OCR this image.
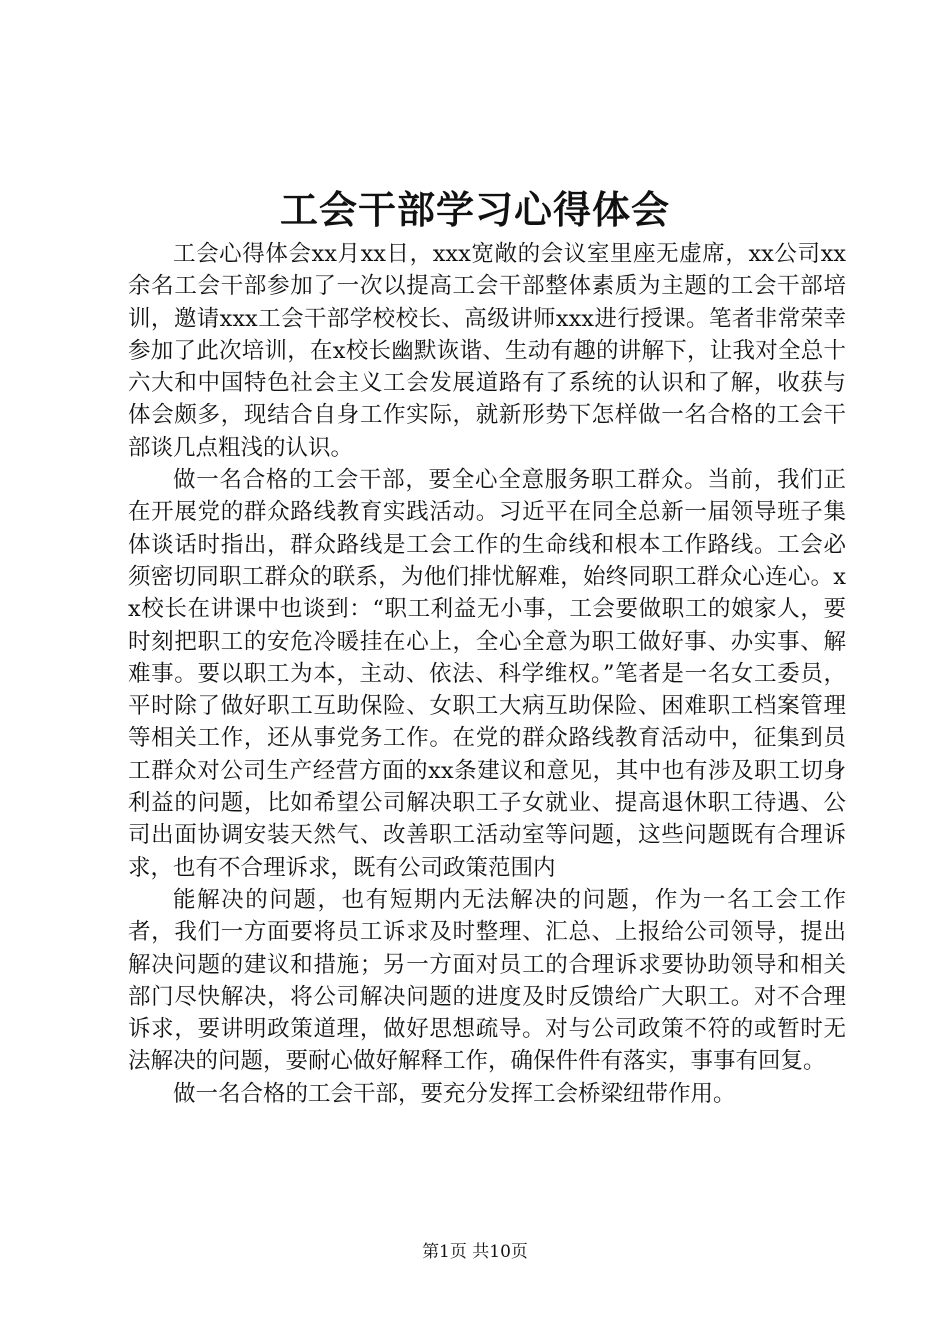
工会干部学习心得体会

工会心得体会xx月xx日，xxx宽敞的会议室里座无虚席，xx公司xx余名工会干部参加了一次以提高工会干部整体素质为主题的工会干部培训，邀请xxx工会干部学校校长、高级讲师xxx进行授课。笔者非常荣幸参加了此次培训，在x校长幽默诙谐、生动有趣的讲解下，让我对全总十六大和中国特色社会主义工会发展道路有了系统的认识和了解，收获与体会颇多，现结合自身工作实际，就新形势下怎样做一名合格的工会干部谈几点粗浅的认识。

做一名合格的工会干部，要全心全意服务职工群众。当前，我们正在开展党的群众路线教育实践活动。习近平在同全总新一届领导班子集体谈话时指出，群众路线是工会工作的生命线和根本工作路线。工会必须密切同职工群众的联系，为他们排忧解难，始终同职工群众心连心。xx校长在讲课中也谈到：“职工利益无小事，工会要做职工的娘家人，要时刻把职工的安危冷暖挂在心上，全心全意为职工做好事、办实事、解难事。要以职工为本，主动、依法、科学维权。”笔者是一名女工委员，平时除了做好职工互助保险、女职工大病互助保险、困难职工档案管理等相关工作，还从事党务工作。在党的群众路线教育活动中，征集到员工群众对公司生产经营方面的xx条建议和意见，其中也有涉及职工切身利益的问题，比如希望公司解决职工子女就业、提高退休职工待遇、公司出面协调安装天然气、改善职工活动室等问题，这些问题既有合理诉求，也有不合理诉求，既有公司政策范围内

能解决的问题，也有短期内无法解决的问题，作为一名工会工作者，我们一方面要将员工诉求及时整理、汇总、上报给公司领导，提出解决问题的建议和措施；另一方面对员工的合理诉求要协助领导和相关部门尽快解决，将公司解决问题的进度及时反馈给广大职工。对不合理诉求，要讲明政策道理，做好思想疏导。对与公司政策不符的或暂时无法解决的问题，要耐心做好解释工作，确保件件有落实，事事有回复。

做一名合格的工会干部，要充分发挥工会桥梁纽带作用。

第1页 共10页
